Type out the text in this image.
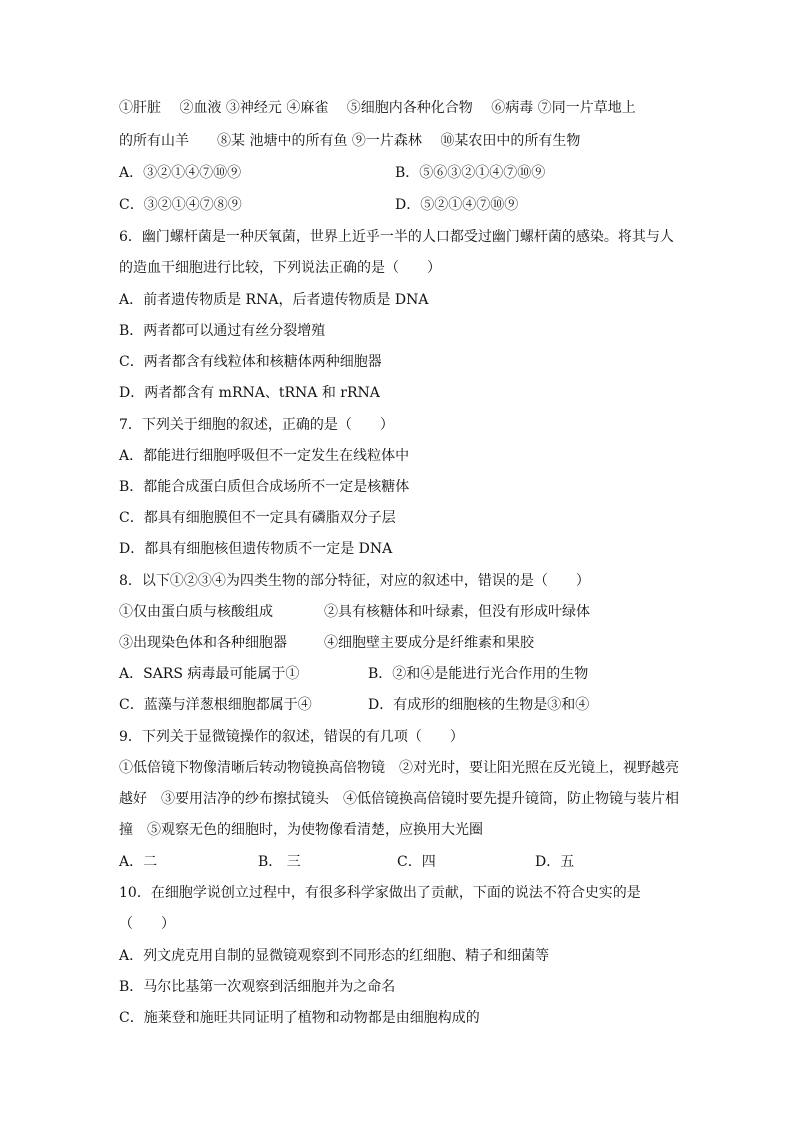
①肝脏　 ②血液 ③神经元 ④麻雀　 ⑤细胞内各种化合物　 ⑥病毒 ⑦同一片草地上
的所有山羊　　⑧某 池塘中的所有鱼 ⑨一片森林　 ⑩某农田中的所有生物
A．③②①④⑦⑩⑨	B．⑤⑥③②①④⑦⑩⑨
C．③②①④⑦⑧⑨	D．⑤②①④⑦⑩⑨
6．幽门螺杆菌是一种厌氧菌，世界上近乎一半的人口都受过幽门螺杆菌的感染。将其与人
的造血干细胞进行比较，下列说法正确的是（　　）
A．前者遗传物质是 RNA，后者遗传物质是 DNA
B．两者都可以通过有丝分裂增殖
C．两者都含有线粒体和核糖体两种细胞器
D．两者都含有 mRNA、tRNA 和 rRNA
7．下列关于细胞的叙述，正确的是（　　）
A．都能进行细胞呼吸但不一定发生在线粒体中
B．都能合成蛋白质但合成场所不一定是核糖体
C．都具有细胞膜但不一定具有磷脂双分子层
D．都具有细胞核但遗传物质不一定是 DNA
8．以下①②③④为四类生物的部分特征，对应的叙述中，错误的是（　　）
①仅由蛋白质与核酸组成	②具有核糖体和叶绿素，但没有形成叶绿体
③出现染色体和各种细胞器	④细胞壁主要成分是纤维素和果胶
A．SARS 病毒最可能属于①	B．②和④是能进行光合作用的生物
C．蓝藻与洋葱根细胞都属于④	D．有成形的细胞核的生物是③和④
9．下列关于显微镜操作的叙述，错误的有几项（　　）
①低倍镜下物像清晰后转动物镜换高倍物镜　②对光时，要让阳光照在反光镜上，视野越亮
越好　③要用洁净的纱布擦拭镜头　④低倍镜换高倍镜时要先提升镜筒，防止物镜与装片相
撞　⑤观察无色的细胞时，为使物像看清楚，应换用大光圈
A．二	B． 三	C．四	D．五
10．在细胞学说创立过程中，有很多科学家做出了贡献，下面的说法不符合史实的是
（　　）
A．列文虎克用自制的显微镜观察到不同形态的红细胞、精子和细菌等
B．马尔比基第一次观察到活细胞并为之命名
C．施莱登和施旺共同证明了植物和动物都是由细胞构成的
